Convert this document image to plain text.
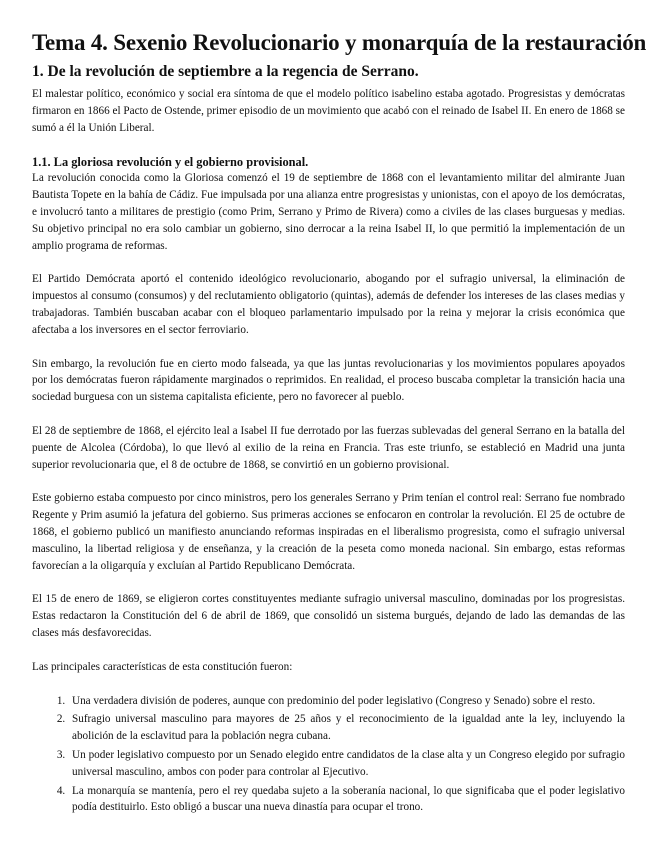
Tema 4. Sexenio Revolucionario y monarquía de la restauración
1. De la revolución de septiembre a la regencia de Serrano.

El malestar político, económico y social era síntoma de que el modelo político isabelino estaba agotado. Progresistas y demócratas firmaron en 1866 el Pacto de Ostende, primer episodio de un movimiento que acabó con el reinado de Isabel II. En enero de 1868 se sumó a él la Unión Liberal.

1.1. La gloriosa revolución y el gobierno provisional.

La revolución conocida como la Gloriosa comenzó el 19 de septiembre de 1868 con el levantamiento militar del almirante Juan Bautista Topete en la bahía de Cádiz. Fue impulsada por una alianza entre progresistas y unionistas, con el apoyo de los demócratas, e involucró tanto a militares de prestigio (como Prim, Serrano y Primo de Rivera) como a civiles de las clases burguesas y medias. Su objetivo principal no era solo cambiar un gobierno, sino derrocar a la reina Isabel II, lo que permitió la implementación de un amplio programa de reformas.

El Partido Demócrata aportó el contenido ideológico revolucionario, abogando por el sufragio universal, la eliminación de impuestos al consumo (consumos) y del reclutamiento obligatorio (quintas), además de defender los intereses de las clases medias y trabajadoras. También buscaban acabar con el bloqueo parlamentario impulsado por la reina y mejorar la crisis económica que afectaba a los inversores en el sector ferroviario.

Sin embargo, la revolución fue en cierto modo falseada, ya que las juntas revolucionarias y los movimientos populares apoyados por los demócratas fueron rápidamente marginados o reprimidos. En realidad, el proceso buscaba completar la transición hacia una sociedad burguesa con un sistema capitalista eficiente, pero no favorecer al pueblo.

El 28 de septiembre de 1868, el ejército leal a Isabel II fue derrotado por las fuerzas sublevadas del general Serrano en la batalla del puente de Alcolea (Córdoba), lo que llevó al exilio de la reina en Francia. Tras este triunfo, se estableció en Madrid una junta superior revolucionaria que, el 8 de octubre de 1868, se convirtió en un gobierno provisional.

Este gobierno estaba compuesto por cinco ministros, pero los generales Serrano y Prim tenían el control real: Serrano fue nombrado Regente y Prim asumió la jefatura del gobierno. Sus primeras acciones se enfocaron en controlar la revolución. El 25 de octubre de 1868, el gobierno publicó un manifiesto anunciando reformas inspiradas en el liberalismo progresista, como el sufragio universal masculino, la libertad religiosa y de enseñanza, y la creación de la peseta como moneda nacional. Sin embargo, estas reformas favorecían a la oligarquía y excluían al Partido Republicano Demócrata.

El 15 de enero de 1869, se eligieron cortes constituyentes mediante sufragio universal masculino, dominadas por los progresistas. Estas redactaron la Constitución del 6 de abril de 1869, que consolidó un sistema burgués, dejando de lado las demandas de las clases más desfavorecidas.

Las principales características de esta constitución fueron:

1. Una verdadera división de poderes, aunque con predominio del poder legislativo (Congreso y Senado) sobre el resto.
2. Sufragio universal masculino para mayores de 25 años y el reconocimiento de la igualdad ante la ley, incluyendo la abolición de la esclavitud para la población negra cubana.
3. Un poder legislativo compuesto por un Senado elegido entre candidatos de la clase alta y un Congreso elegido por sufragio universal masculino, ambos con poder para controlar al Ejecutivo.
4. La monarquía se mantenía, pero el rey quedaba sujeto a la soberanía nacional, lo que significaba que el poder legislativo podía destituirlo. Esto obligó a buscar una nueva dinastía para ocupar el trono.
